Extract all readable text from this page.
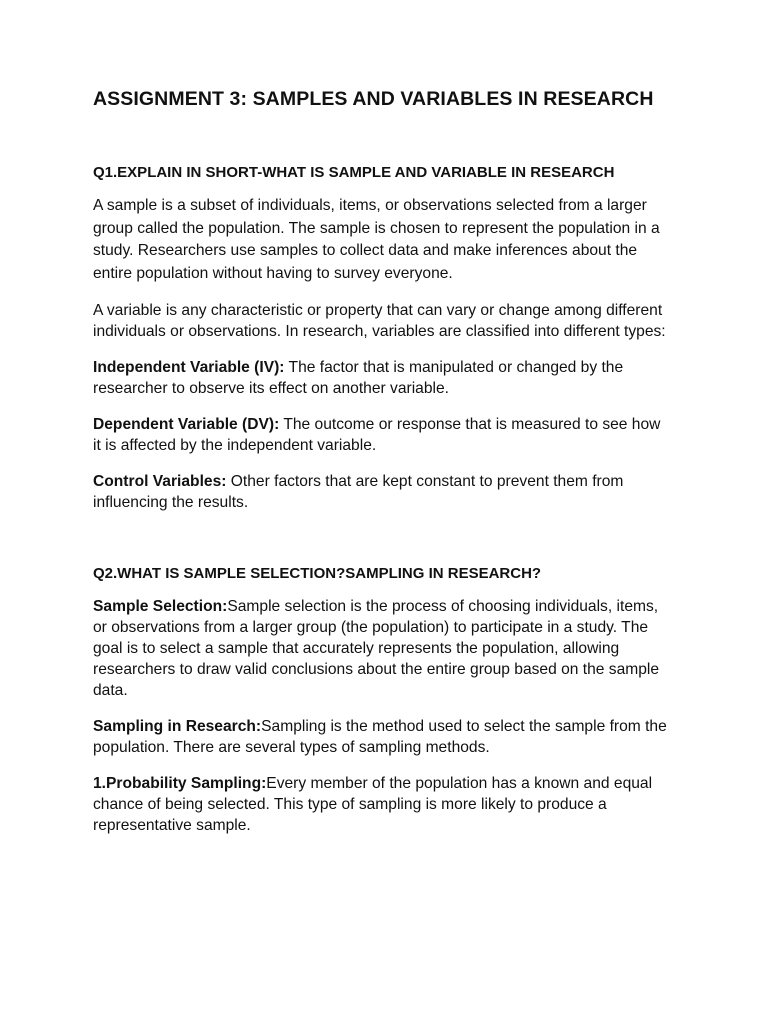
ASSIGNMENT 3: SAMPLES AND VARIABLES IN RESEARCH
Q1.EXPLAIN IN SHORT-WHAT IS SAMPLE AND VARIABLE IN RESEARCH

A sample is a subset of individuals, items, or observations selected from a larger group called the population. The sample is chosen to represent the population in a study. Researchers use samples to collect data and make inferences about the entire population without having to survey everyone.

A variable is any characteristic or property that can vary or change among different individuals or observations. In research, variables are classified into different types:

Independent Variable (IV): The factor that is manipulated or changed by the researcher to observe its effect on another variable.

Dependent Variable (DV): The outcome or response that is measured to see how it is affected by the independent variable.

Control Variables: Other factors that are kept constant to prevent them from influencing the results.

Q2.WHAT IS SAMPLE SELECTION?SAMPLING IN RESEARCH?

Sample Selection:Sample selection is the process of choosing individuals, items, or observations from a larger group (the population) to participate in a study. The goal is to select a sample that accurately represents the population, allowing researchers to draw valid conclusions about the entire group based on the sample data.

Sampling in Research:Sampling is the method used to select the sample from the population. There are several types of sampling methods.

1.Probability Sampling:Every member of the population has a known and equal chance of being selected. This type of sampling is more likely to produce a representative sample.
